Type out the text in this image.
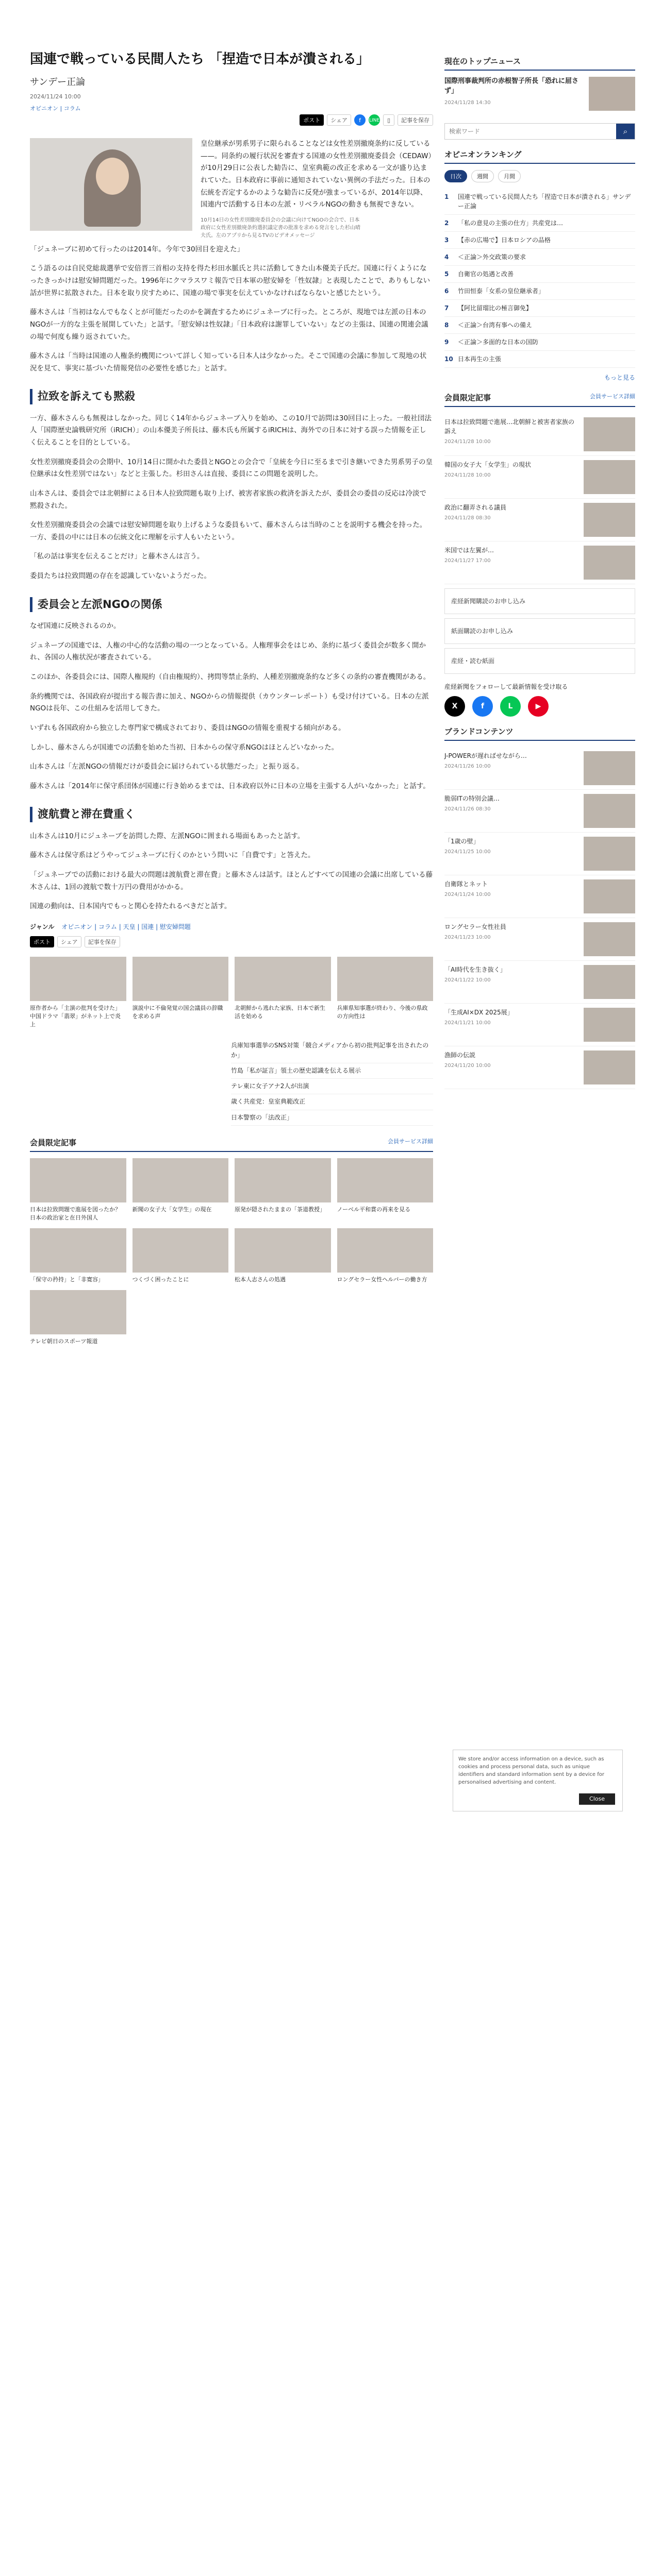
国連で戦っている民間人たち 「捏造で日本が潰される」
サンデー正論
2024/11/24 10:00
オピニオン | コラム
ポスト	シェア	f	LINE	▯	記事を保存

皇位継承が男系男子に限られることなどは女性差別撤廃条約に反している——。同条約の履行状況を審査する国連の女性差別撤廃委員会（CEDAW）が10月29日に公表した勧告に、皇室典範の改正を求める一文が盛り込まれていた。日本政府に事前に通知されていない異例の手法だった。日本の伝統を否定するかのような勧告に反発が強まっているが、2014年以降、国連内で活動する日本の左派・リベラルNGOの動きも無視できない。

10月14日の女性差別撤廃委員会の会議に向けてNGOの会合で、日本政府に女性差別撤廃条約選択議定書の批准を求める発言をした杉山晴夫氏。左のアプリから見るTVのビデオメッセージ

「ジュネーブに初めて行ったのは2014年。今年で30回目を迎えた」

こう語るのは自民党総裁選挙で安倍晋三首相の支持を得た杉田水脈氏と共に活動してきた山本優美子氏だ。国連に行くようになったきっかけは慰安婦問題だった。1996年にクマラスワミ報告で日本軍の慰安婦を「性奴隷」と表現したことで、ありもしない話が世界に拡散された。日本を取り戻すために、国連の場で事実を伝えていかなければならないと感じたという。

藤木さんは「当初はなんでもなくとが可能だったのかを調査するためにジュネーブに行った。ところが、現地では左派の日本のNGOが一方的な主張を展開していた」と話す。「慰安婦は性奴隷」「日本政府は謝罪していない」などの主張は、国連の関連会議の場で何度も繰り返されていた。

藤木さんは「当時は国連の人権条約機関について詳しく知っている日本人は少なかった。そこで国連の会議に参加して現地の状況を見て、事実に基づいた情報発信の必要性を感じた」と話す。

拉致を訴えても黙殺

一方、藤木さんらも無視はしなかった。同じく14年からジュネーブ入りを始め、この10月で訪問は30回目に上った。一般社団法人「国際歴史論戦研究所（iRICH）」の山本優美子所長は、藤木氏も所属するiRICHは、海外での日本に対する誤った情報を正しく伝えることを目的としている。

女性差別撤廃委員会の会期中、10月14日に開かれた委員とNGOとの会合で「皇統を今日に至るまで引き継いできた男系男子の皇位継承は女性差別ではない」などと主張した。杉田さんは直接、委員にこの問題を説明した。

山本さんは、委員会では北朝鮮による日本人拉致問題も取り上げ、被害者家族の救済を訴えたが、委員会の委員の反応は冷淡で黙殺された。

女性差別撤廃委員会の会議では慰安婦問題を取り上げるような委員もいて、藤木さんらは当時のことを説明する機会を持った。一方、委員の中には日本の伝統文化に理解を示す人もいたという。

「私の話は事実を伝えることだけ」と藤木さんは言う。

委員たちは拉致問題の存在を認識していないようだった。

委員会と左派NGOの関係

なぜ国連に反映されるのか。

ジュネーブの国連では、人権の中心的な活動の場の一つとなっている。人権理事会をはじめ、条約に基づく委員会が数多く開かれ、各国の人権状況が審査されている。

このほか、各委員会には、国際人権規約（自由権規約）、拷問等禁止条約、人種差別撤廃条約など多くの条約の審査機関がある。

条約機関では、各国政府が提出する報告書に加え、NGOからの情報提供（カウンターレポート）も受け付けている。日本の左派NGOは長年、この仕組みを活用してきた。

いずれも各国政府から独立した専門家で構成されており、委員はNGOの情報を重視する傾向がある。

しかし、藤木さんらが国連での活動を始めた当初、日本からの保守系NGOはほとんどいなかった。

山本さんは「左派NGOの情報だけが委員会に届けられている状態だった」と振り返る。

藤木さんは「2014年に保守系団体が国連に行き始めるまでは、日本政府以外に日本の立場を主張する人がいなかった」と話す。

渡航費と滞在費重く

山本さんは10月にジュネーブを訪問した際、左派NGOに囲まれる場面もあったと話す。

藤木さんは保守系はどうやってジュネーブに行くのかという問いに「自費です」と答えた。

「ジュネーブでの活動における最大の問題は渡航費と滞在費」と藤木さんは話す。ほとんどすべての国連の会議に出席している藤木さんは、1回の渡航で数十万円の費用がかかる。

国連の動向は、日本国内でもっと関心を持たれるべきだと話す。

ジャンル オピニオン | コラム | 天皇 | 国連 | 慰安婦問題
ポスト	シェア	記事を保存
原作者から「主演の批判を受けた」中国ドラマ「翡翠」がネット上で炎上
演説中に不倫発覚の国会議員の辞職を求める声
北朝鮮から逃れた家族、日本で新生活を始める
兵庫県知事選が終わり、今後の県政の方向性は
兵庫知事選挙のSNS対策「競合メディアから初の批判記事を出されたのか」
竹島「私が証言」領土の歴史認識を伝える展示
テレ東に女子アナ2人が出演
歳く共産党：皇室典範改正
日本警察の「法改正」
会員限定記事	会員サービス詳細
日本は拉致問題で進展を図ったか？日本の政治家と在日外国人
新聞の女子大「女学生」の現在	原発が隠されたままの「茶道教授」	ノーベル平和賞の再来を見る
「保守の矜持」と「非寛容」	つくづく困ったことに	松本人志さんの処遇	ロングセラー女性ヘルパーの働き方
テレビ朝日のスポーツ報道
現在のトップニュース
国際刑事裁判所の赤根智子所長「恐れに屈さず」
2024/11/28 14:30
検索ワード
⌕
オピニオンランキング
日次	週間	月間
1	国連で戦っている民間人たち「捏造で日本が潰される」サンデー正論
2	「私の意見の主張の仕方」共産党は…
3	【赤の広場で】日本ロシアの品格
4	＜正論＞外交政策の要求
5	自衛官の処遇と改善
6	竹田恒泰「女系の皇位継承者」
7	【阿比留瑠比の極言御免】
8	＜正論＞台湾有事への備え
9	＜正論＞多面的な日本の国防
10 日本再生の主張
もっと見る
会員限定記事	会員サービス詳細
日本は拉致問題で進展…北朝鮮と被害者家族の訴え
2024/11/28 10:00
韓国の女子大「女学生」の現状
2024/11/28 10:00
政治に翻弄される議員
2024/11/28 08:30
米国では左翼が…
2024/11/27 17:00
産経新聞購読のお申し込み
紙面購読のお申し込み
産経・読む紙面
産経新聞をフォローして最新情報を受け取る
X	f	L	▶
ブランドコンテンツ
J-POWERが遅ればせながら…
2024/11/26 10:00
脆弱ITの特別会議…
2024/11/26 08:30
「1歳の壁」
2024/11/25 10:00
自衛隊とネット
2024/11/24 10:00
ロングセラー女性社員
2024/11/23 10:00
「AI時代を生き抜く」
2024/11/22 10:00
「生成AI×DX 2025展」
2024/11/21 10:00
漁師の伝説
2024/11/20 10:00
We store and/or access information on a device, such as cookies and process personal data, such as unique identifiers and standard information sent by a device for personalised advertising and content.
Close
